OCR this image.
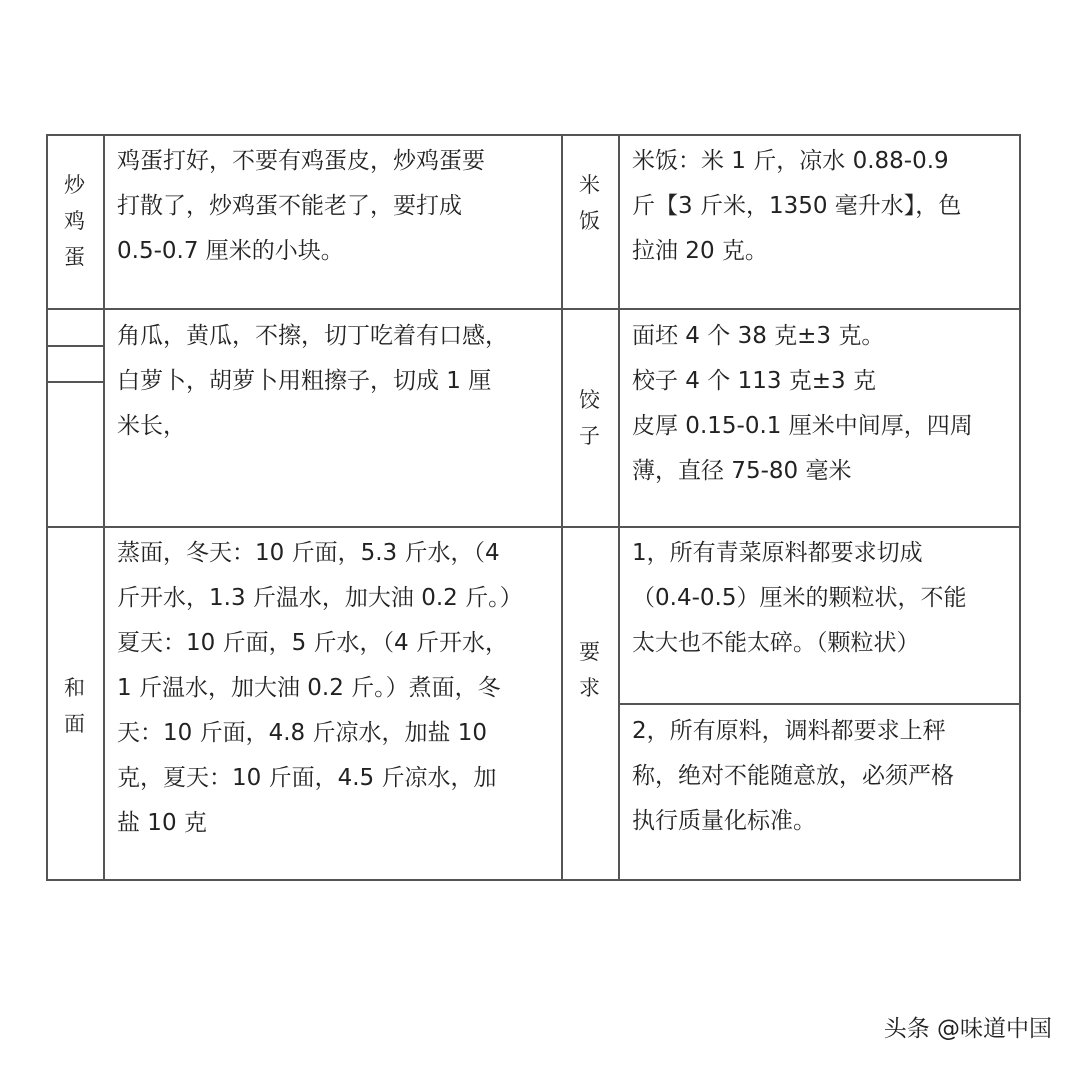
炒
鸡
蛋
鸡蛋打好，不要有鸡蛋皮，炒鸡蛋要
打散了，炒鸡蛋不能老了，要打成
0.5-0.7 厘米的小块。
米
饭
米饭：米 1 斤，凉水 0.88-0.9
斤【3 斤米，1350 毫升水】，色
拉油 20 克。
角瓜，黄瓜，不擦，切丁吃着有口感，
白萝卜，胡萝卜用粗擦子，切成 1 厘
米长，
饺
子
面坯 4 个 38 克±3 克。
校子 4 个 113 克±3 克
皮厚 0.15-0.1 厘米中间厚，四周
薄，直径 75-80 毫米
和
面
蒸面，冬天：10 斤面，5.3 斤水，（4
斤开水，1.3 斤温水，加大油 0.2 斤。）
夏天：10 斤面，5 斤水，（4 斤开水，
1 斤温水，加大油 0.2 斤。）煮面，冬
天：10 斤面，4.8 斤凉水，加盐 10
克，夏天：10 斤面，4.5 斤凉水，加
盐 10 克
要
求
1，所有青菜原料都要求切成
（0.4-0.5）厘米的颗粒状，不能
太大也不能太碎。（颗粒状）
2，所有原料，调料都要求上秤
称，绝对不能随意放，必须严格
执行质量化标准。
头条 @味道中国
